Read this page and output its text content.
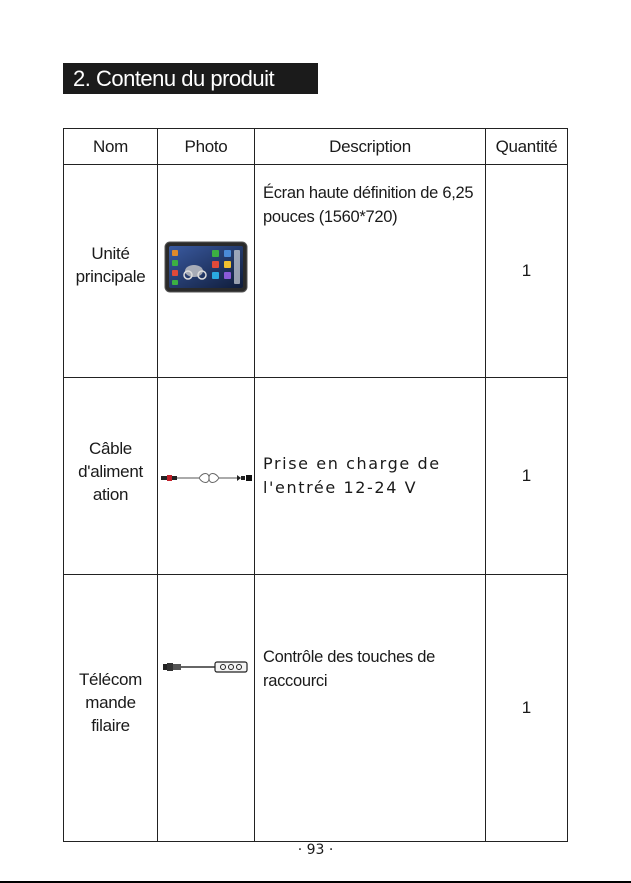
2. Contenu du produit
Nom	Photo	Description	Quantité

Unité
principale		Écran haute définition de 6,25 pouces (1560*720)	1

Câble
d'aliment
ation		Prise en charge de l'entrée 12-24 V	1

Télécom
mande
filaire		Contrôle des touches de raccourci	1
· 93 ·
